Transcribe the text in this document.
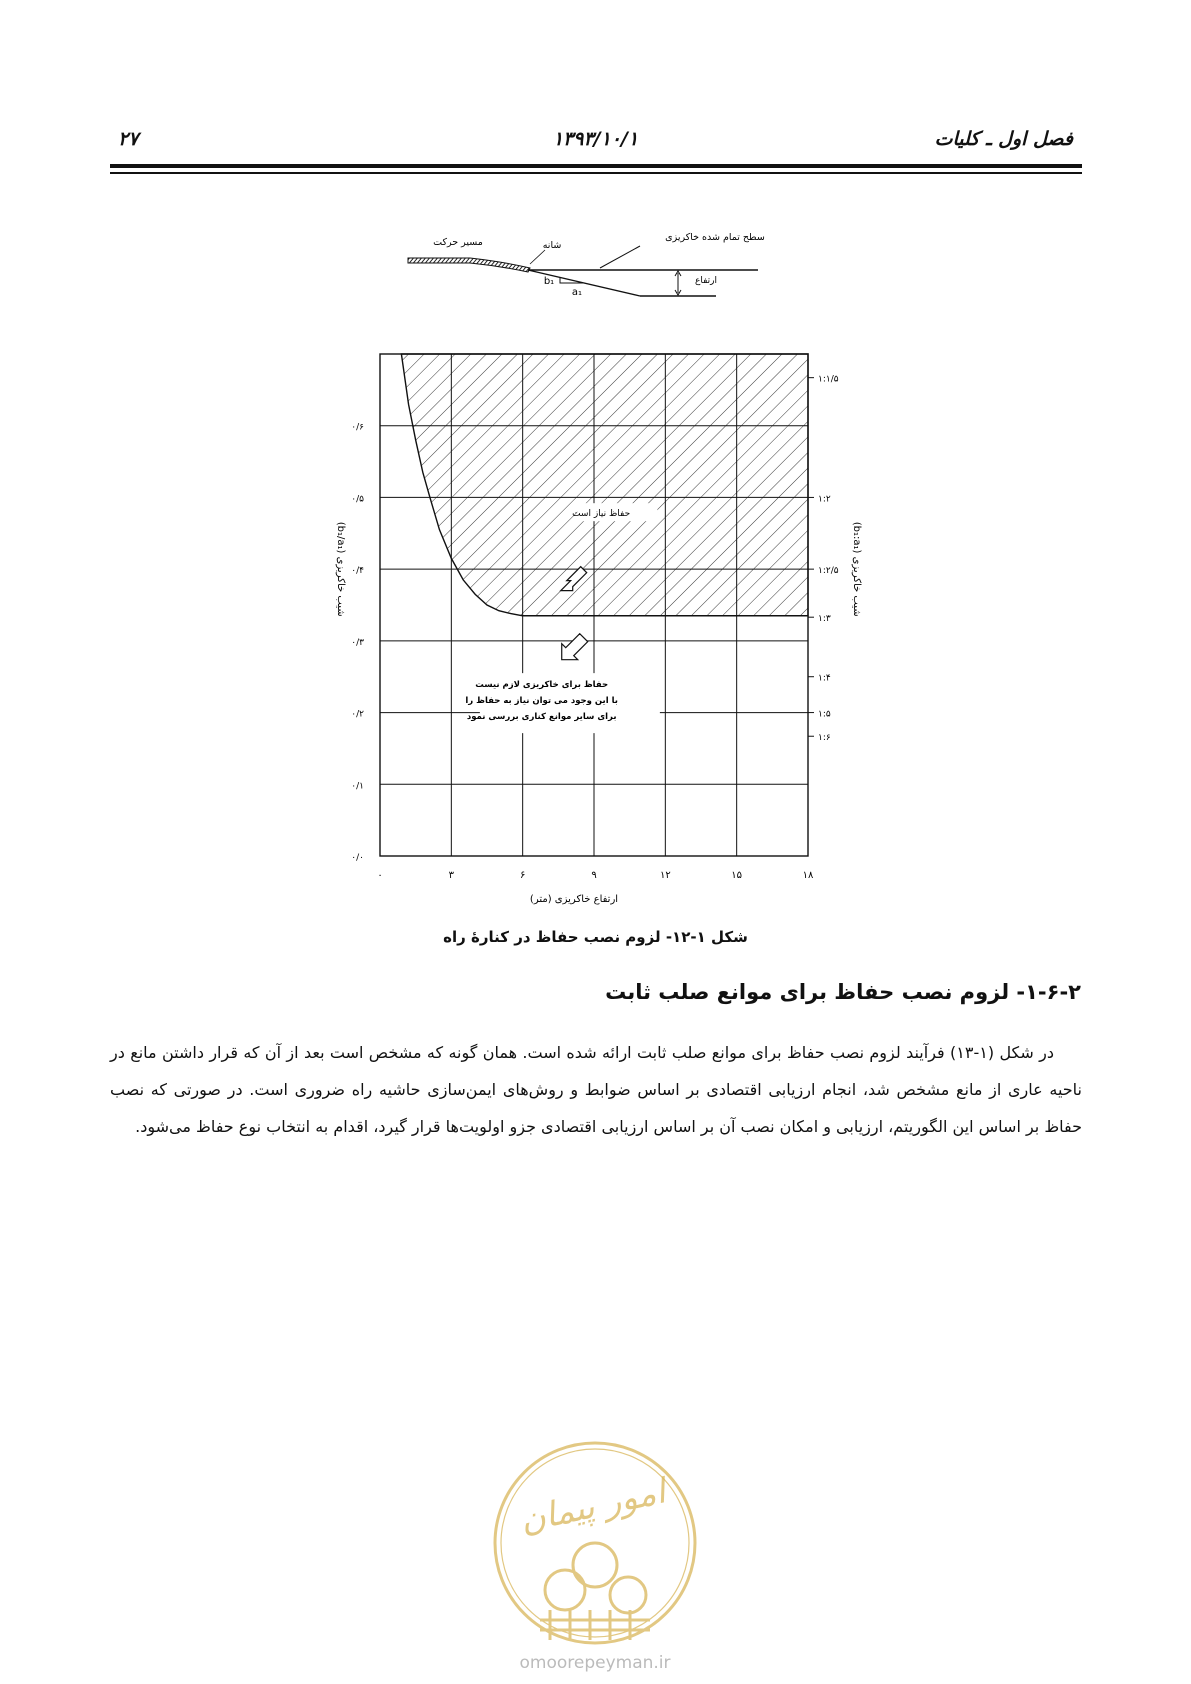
۲۷	۱۳۹۳/۱۰/۱	فصل اول ـ کلیات
مسیر حرکت	شانه
سطح تمام شده خاکریزی
ارتفاع
b₁
a₁
۰	۳	۶	۹	۱۲	۱۵	۱۸
۰/۰
۰/۱
۰/۲
۰/۳
۰/۴
۰/۵
۰/۶
۱:۱/۵
۱:۲
۱:۲/۵
۱:۳
۱:۴
۱:۵
۱:۶
ارتفاع خاکریزی (متر)
شیب خاکریزی (b₁/a₁)
شیب خاکریزی (b₁:a₁)
حفاظ نیاز است
حفاظ برای خاکریزی لازم نیست
با این وجود می توان نیاز به حفاظ را
برای سایر موانع کناری بررسی نمود
شکل ۱-۱۲- لزوم نصب حفاظ در کنارهٔ راه
۱-۶-۲- لزوم نصب حفاظ برای موانع صلب ثابت

در شکل (۱-۱۳) فرآیند لزوم نصب حفاظ برای موانع صلب ثابت ارائه شده است. همان گونه که مشخص است بعد از آن که قرار داشتن مانع در ناحیه عاری از مانع مشخص شد، انجام ارزیابی اقتصادی بر اساس ضوابط و روش‌های ایمن‌سازی حاشیه راه ضروری است. در صورتی که نصب حفاظ بر اساس این الگوریتم، ارزیابی و امکان نصب آن بر اساس ارزیابی اقتصادی جزو اولویت‌ها قرار گیرد، اقدام به انتخاب نوع حفاظ می‌شود.

امور پیمان
omoorepeyman.ir
